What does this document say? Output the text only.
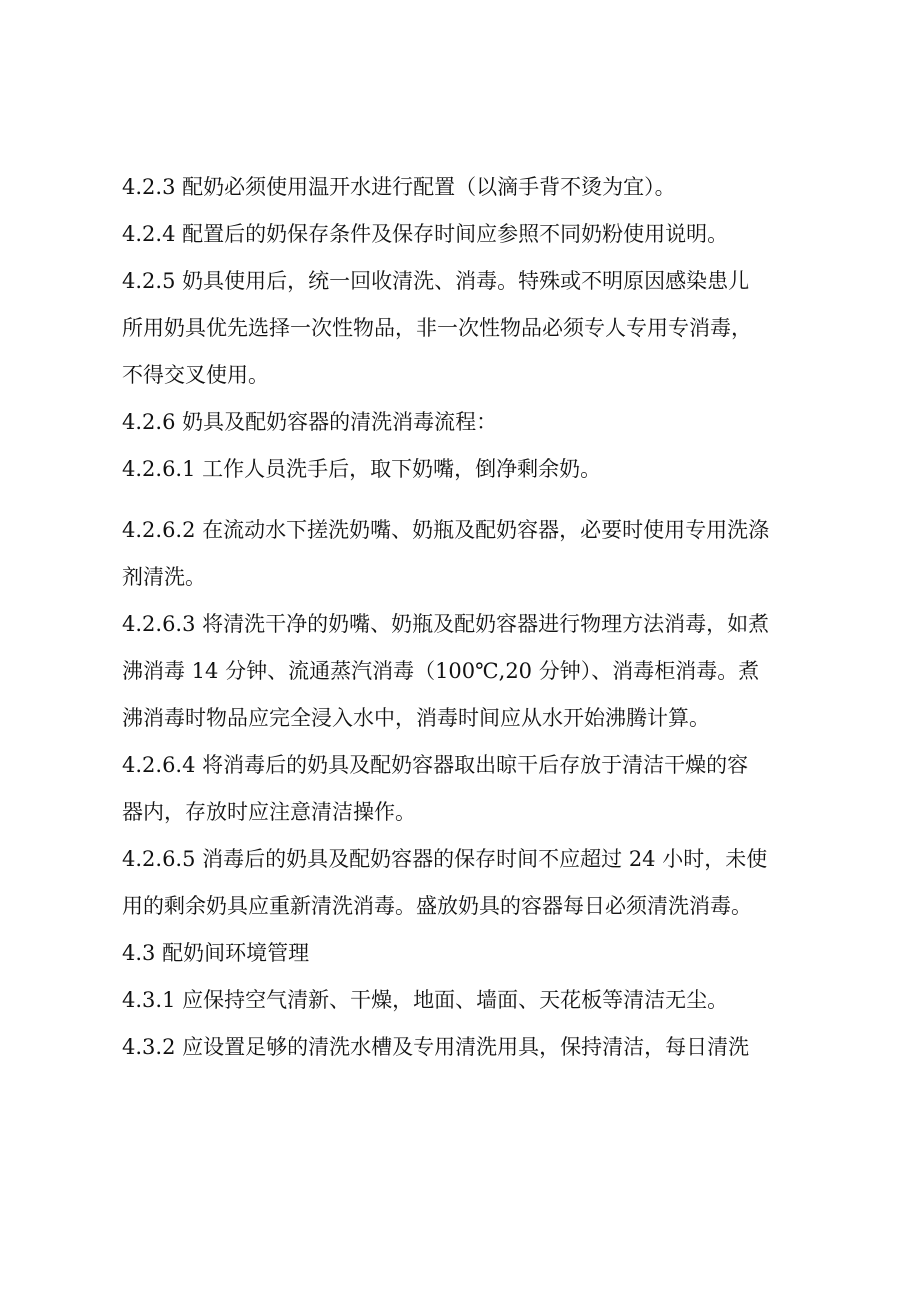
4.2.3 配奶必须使用温开水进行配置（以滴手背不烫为宜）。

4.2.4 配置后的奶保存条件及保存时间应参照不同奶粉使用说明。

4.2.5 奶具使用后，统一回收清洗、消毒。特殊或不明原因感染患儿
所用奶具优先选择一次性物品，非一次性物品必须专人专用专消毒，
不得交叉使用。

4.2.6 奶具及配奶容器的清洗消毒流程：

4.2.6.1 工作人员洗手后，取下奶嘴，倒净剩余奶。

4.2.6.2 在流动水下搓洗奶嘴、奶瓶及配奶容器，必要时使用专用洗涤
剂清洗。

4.2.6.3 将清洗干净的奶嘴、奶瓶及配奶容器进行物理方法消毒，如煮
沸消毒 14 分钟、流通蒸汽消毒（100℃,20 分钟）、消毒柜消毒。煮
沸消毒时物品应完全浸入水中，消毒时间应从水开始沸腾计算。

4.2.6.4 将消毒后的奶具及配奶容器取出晾干后存放于清洁干燥的容
器内，存放时应注意清洁操作。

4.2.6.5 消毒后的奶具及配奶容器的保存时间不应超过 24 小时，未使
用的剩余奶具应重新清洗消毒。盛放奶具的容器每日必须清洗消毒。

4.3 配奶间环境管理

4.3.1 应保持空气清新、干燥，地面、墙面、天花板等清洁无尘。

4.3.2 应设置足够的清洗水槽及专用清洗用具，保持清洁，每日清洗
